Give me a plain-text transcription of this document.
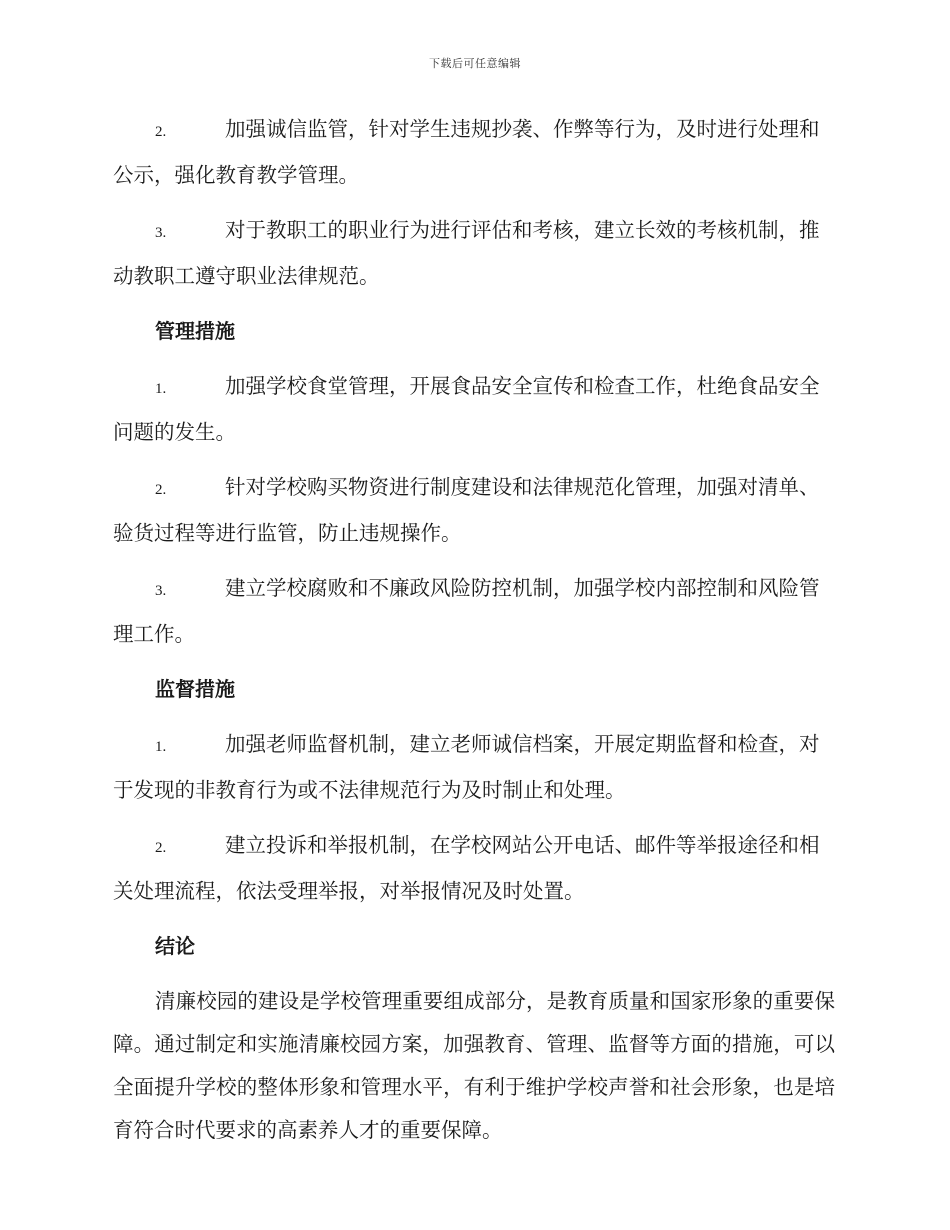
下载后可任意编辑

2.	加强诚信监管，针对学生违规抄袭、作弊等行为，及时进行处理和公示，强化教育教学管理。

3.	对于教职工的职业行为进行评估和考核，建立长效的考核机制，推动教职工遵守职业法律规范。

管理措施

1.	加强学校食堂管理，开展食品安全宣传和检查工作，杜绝食品安全问题的发生。

2.	针对学校购买物资进行制度建设和法律规范化管理，加强对清单、验货过程等进行监管，防止违规操作。

3.	建立学校腐败和不廉政风险防控机制，加强学校内部控制和风险管理工作。

监督措施

1.	加强老师监督机制，建立老师诚信档案，开展定期监督和检查，对于发现的非教育行为或不法律规范行为及时制止和处理。

2.	建立投诉和举报机制，在学校网站公开电话、邮件等举报途径和相关处理流程，依法受理举报，对举报情况及时处置。

结论

清廉校园的建设是学校管理重要组成部分，是教育质量和国家形象的重要保障。通过制定和实施清廉校园方案，加强教育、管理、监督等方面的措施，可以全面提升学校的整体形象和管理水平，有利于维护学校声誉和社会形象，也是培育符合时代要求的高素养人才的重要保障。
